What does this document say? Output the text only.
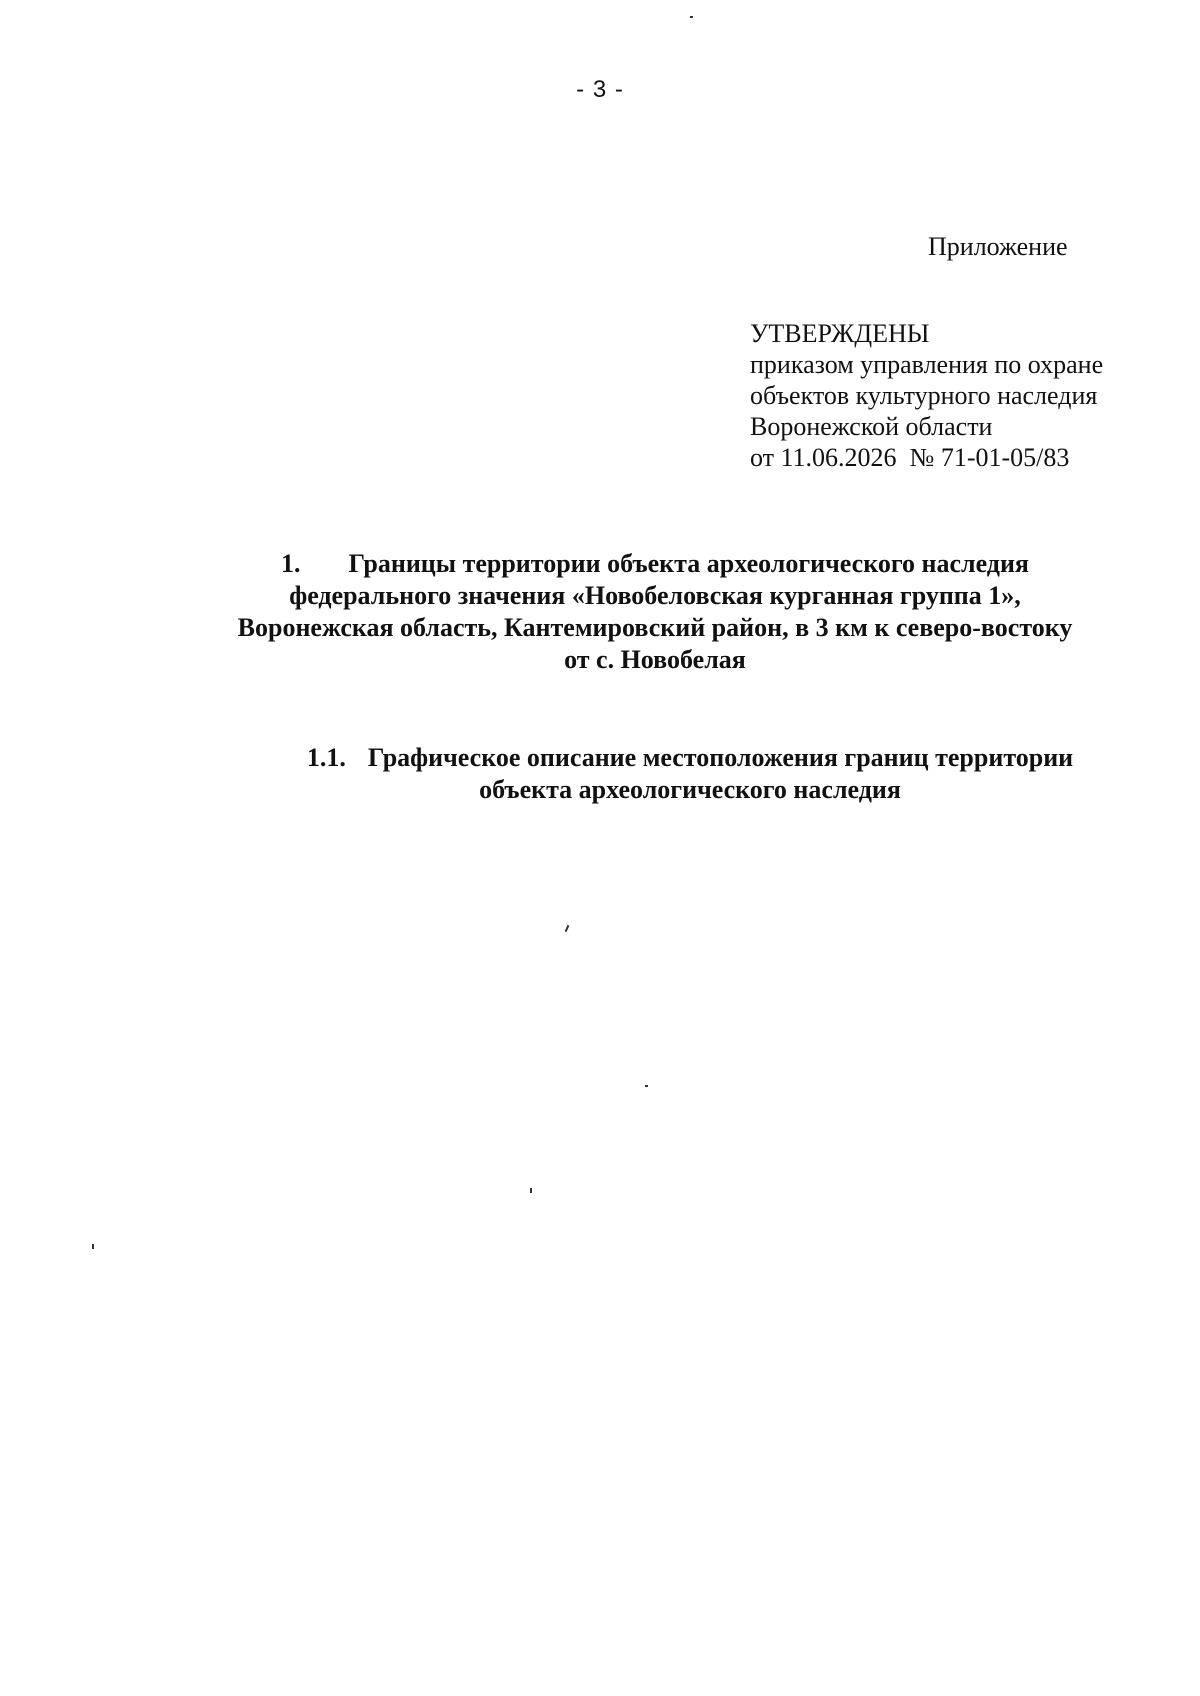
- 3 -
Приложение
УТВЕРЖДЕНЫ
приказом управления по охране
объектов культурного наследия
Воронежской области
от 11.06.2026  № 71-01-05/83
1. Границы территории объекта археологического наследия
федерального значения «Новобеловская курганная группа 1»,
Воронежская область, Кантемировский район, в 3 км к северо-востоку
от с. Новобелая
1.1. Графическое описание местоположения границ территории
объекта археологического наследия
